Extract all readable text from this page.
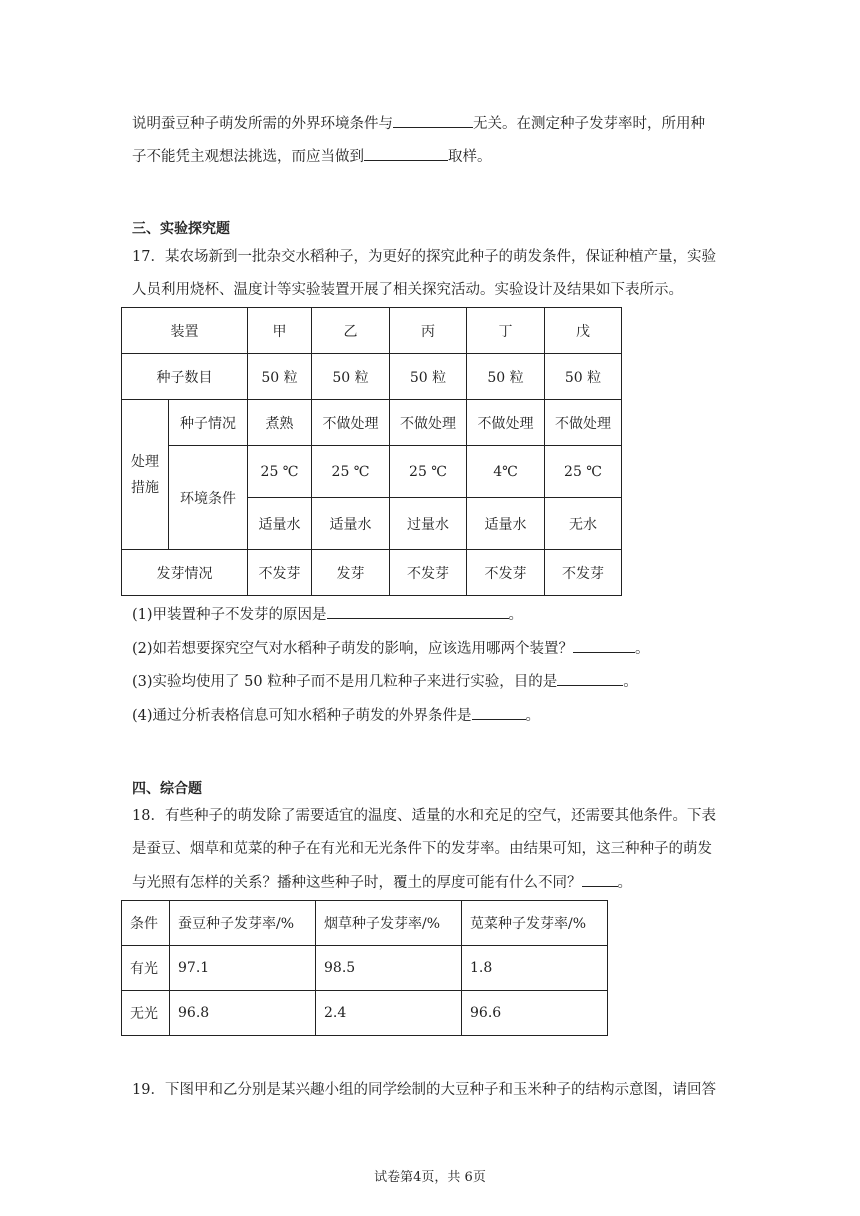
说明蚕豆种子萌发所需的外界环境条件与	无关。在测定种子发芽率时，所用种
子不能凭主观想法挑选，而应当做到	取样。
三、实验探究题
17．某农场新到一批杂交水稻种子，为更好的探究此种子的萌发条件，保证种植产量，实验
人员利用烧杯、温度计等实验装置开展了相关探究活动。实验设计及结果如下表所示。
装置		甲	乙	丙	丁	戊
种子数目		50 粒	50 粒	50 粒	50 粒	50 粒
处理
措施	种子情况	煮熟	不做处理	不做处理	不做处理	不做处理
	环境条件	25 ℃	25 ℃	25 ℃	4℃	25 ℃
		适量水	适量水	过量水	适量水	无水
发芽情况		不发芽	发芽	不发芽	不发芽	不发芽
(1)甲装置种子不发芽的原因是	。
(2)如若想要探究空气对水稻种子萌发的影响，应该选用哪两个装置？	。
(3)实验均使用了 50 粒种子而不是用几粒种子来进行实验，目的是	。
(4)通过分析表格信息可知水稻种子萌发的外界条件是	。
四、综合题
18．有些种子的萌发除了需要适宜的温度、适量的水和充足的空气，还需要其他条件。下表
是蚕豆、烟草和苋菜的种子在有光和无光条件下的发芽率。由结果可知，这三种种子的萌发
与光照有怎样的关系？播种这些种子时，覆土的厚度可能有什么不同？ 。
条件	蚕豆种子发芽率/%	烟草种子发芽率/%	苋菜种子发芽率/%
有光	97.1	98.5	1.8
无光	96.8	2.4	96.6
19．下图甲和乙分别是某兴趣小组的同学绘制的大豆种子和玉米种子的结构示意图，请回答
试卷第4页，共 6页
